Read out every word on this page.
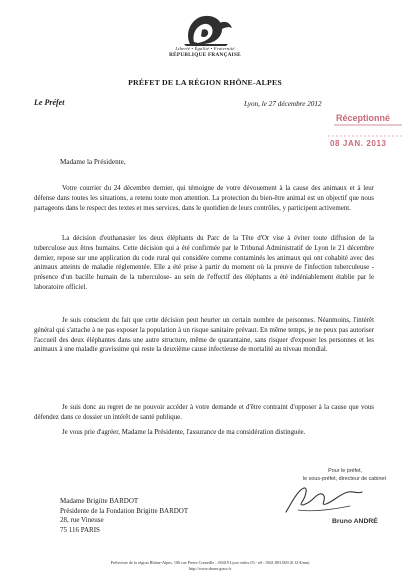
Liberté • Égalité • Fraternité
RÉPUBLIQUE FRANÇAISE
PRÉFET DE LA RÉGION RHÔNE-ALPES
Le Préfet	Lyon, le 27 décembre 2012
Réceptionné
08 JAN. 2013
Madame la Présidente,

Votre courrier du 24 décembre dernier, qui témoigne de votre dévouement à la cause des animaux et à leur défense dans toutes les situations, a retenu toute mon attention. La protection du bien-être animal est un objectif que nous partageons dans le respect des textes et mes services, dans le quotidien de leurs contrôles, y participent activement.

La décision d'euthanasier les deux éléphants du Parc de la Tête d'Or vise à éviter toute diffusion de la tuberculose aux êtres humains. Cette décision qui a été confirmée par le Tribunal Administratif de Lyon le 21 décembre dernier, repose sur une application du code rural qui considère comme contaminés les animaux qui ont cohabité avec des animaux atteints de maladie réglementée. Elle a été prise à partir du moment où la preuve de l'infection tuberculeuse -présence d'un bacille humain de la tuberculose- au sein de l'effectif des éléphants a été indéniablement établie par le laboratoire officiel.

Je suis conscient du fait que cette décision peut heurter un certain nombre de personnes. Néanmoins, l'intérêt général qui s'attache à ne pas exposer la population à un risque sanitaire prévaut. En même temps, je ne peux pas autoriser l'accueil des deux éléphantes dans une autre structure, même de quarantaine, sans risquer d'exposer les personnes et les animaux à une maladie gravissime qui reste la deuxième cause infectieuse de mortalité au niveau mondial.

Je suis donc au regret de ne pouvoir accéder à votre demande et d'être contraint d'opposer à la cause que vous défendez dans ce dossier un intérêt de santé publique.

Je vous prie d'agréer, Madame la Présidente, l'assurance de ma considération distinguée.

Pour le préfet,
le sous-préfet, directeur de cabinet
Bruno ANDRÉ
Madame Brigitte BARDOT
Présidente de la Fondation Brigitte BARDOT
28, rue Vineuse
75 116 PARIS
Préfecture de la région Rhône-Alpes, 106 rue Pierre Corneille – 69419 Lyon cedex 03 - tél : 0821.803.069 (0.12 €/mn)
http://www.rhone.gouv.fr
